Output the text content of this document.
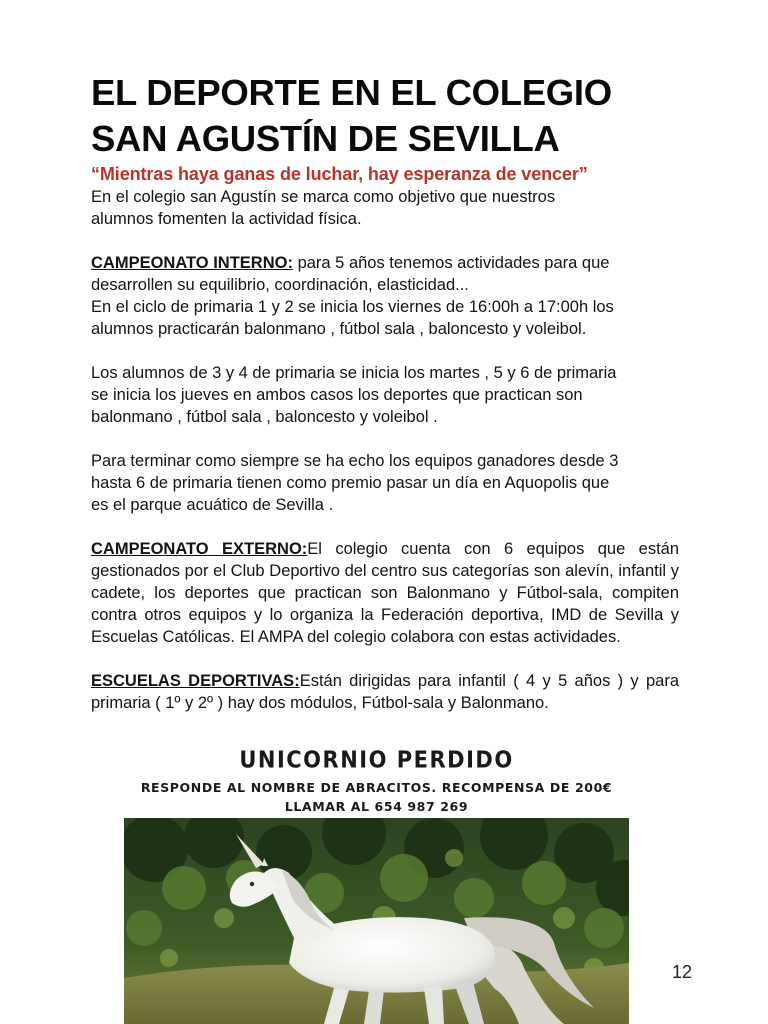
EL DEPORTE EN EL COLEGIO
SAN AGUSTÍN DE SEVILLA
“Mientras haya ganas de luchar, hay esperanza de vencer”

En el colegio san Agustín se marca como objetivo que nuestros
alumnos fomenten la actividad física.

CAMPEONATO INTERNO: para 5 años tenemos actividades para que
desarrollen su equilibrio, coordinación, elasticidad...
En el ciclo de primaria 1 y 2 se inicia los viernes de 16:00h a 17:00h los
alumnos practicarán balonmano , fútbol sala , baloncesto y voleibol.

Los alumnos de 3 y 4 de primaria se inicia los martes , 5 y 6 de primaria
se inicia los jueves en ambos casos los deportes que practican son
balonmano , fútbol sala , baloncesto y voleibol .

Para terminar como siempre se ha echo los equipos ganadores desde 3
hasta 6 de primaria tienen como premio pasar un día en Aquopolis que
es el parque acuático de Sevilla .

CAMPEONATO EXTERNO:El colegio cuenta con 6 equipos que están gestionados por el Club Deportivo del centro sus categorías son alevín, infantil y cadete, los deportes que practican son Balonmano y Fútbol-sala, compiten contra otros equipos y lo organiza la Federación deportiva, IMD de Sevilla y Escuelas Católicas. El AMPA del colegio colabora con estas actividades.

ESCUELAS DEPORTIVAS:Están dirigidas para infantil ( 4 y 5 años ) y para primaria ( 1º y 2º ) hay dos módulos, Fútbol-sala y Balonmano.

UNICORNIO PERDIDO
RESPONDE AL NOMBRE DE ABRACITOS. RECOMPENSA DE 200€
LLAMAR AL 654 987 269
12
